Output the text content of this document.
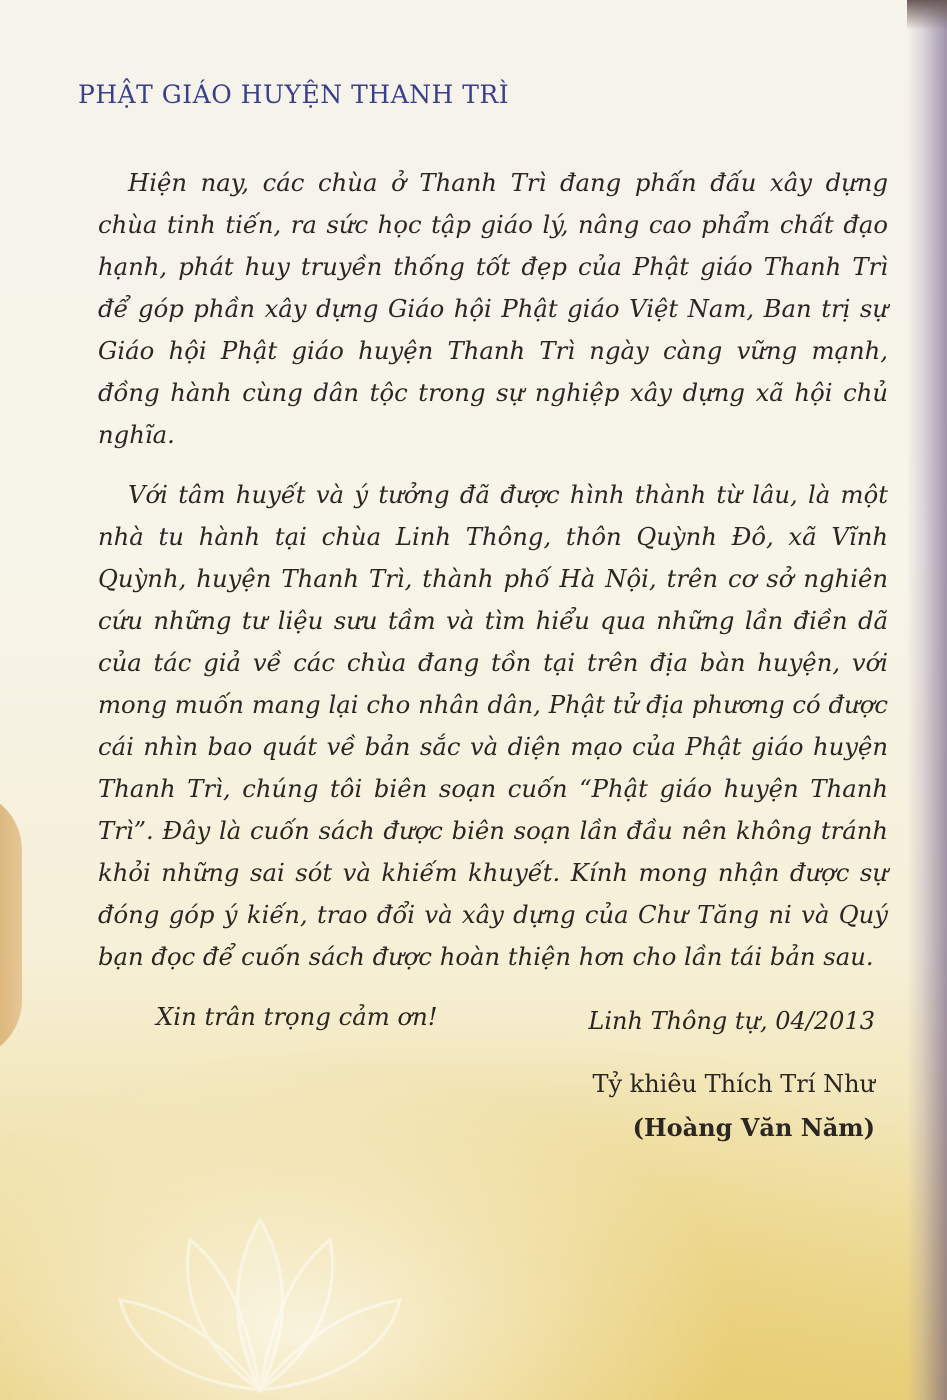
PHẬT GIÁO HUYỆN THANH TRÌ

Hiện nay, các chùa ở Thanh Trì đang phấn đấu xây dựng chùa tinh tiến, ra sức học tập giáo lý, nâng cao phẩm chất đạo hạnh, phát huy truyền thống tốt đẹp của Phật giáo Thanh Trì để góp phần xây dựng Giáo hội Phật giáo Việt Nam, Ban trị sự Giáo hội Phật giáo huyện Thanh Trì ngày càng vững mạnh, đồng hành cùng dân tộc trong sự nghiệp xây dựng xã hội chủ nghĩa.

Với tâm huyết và ý tưởng đã được hình thành từ lâu, là một nhà tu hành tại chùa Linh Thông, thôn Quỳnh Đô, xã Vĩnh Quỳnh, huyện Thanh Trì, thành phố Hà Nội, trên cơ sở nghiên cứu những tư liệu sưu tầm và tìm hiểu qua những lần điền dã của tác giả về các chùa đang tồn tại trên địa bàn huyện, với mong muốn mang lại cho nhân dân, Phật tử địa phương có được cái nhìn bao quát về bản sắc và diện mạo của Phật giáo huyện Thanh Trì, chúng tôi biên soạn cuốn “Phật giáo huyện Thanh Trì”. Đây là cuốn sách được biên soạn lần đầu nên không tránh khỏi những sai sót và khiếm khuyết. Kính mong nhận được sự đóng góp ý kiến, trao đổi và xây dựng của Chư Tăng ni và Quý bạn đọc để cuốn sách được hoàn thiện hơn cho lần tái bản sau.

Xin trân trọng cảm ơn!	Linh Thông tự, 04/2013
Tỷ khiêu Thích Trí Như
(Hoàng Văn Năm)
